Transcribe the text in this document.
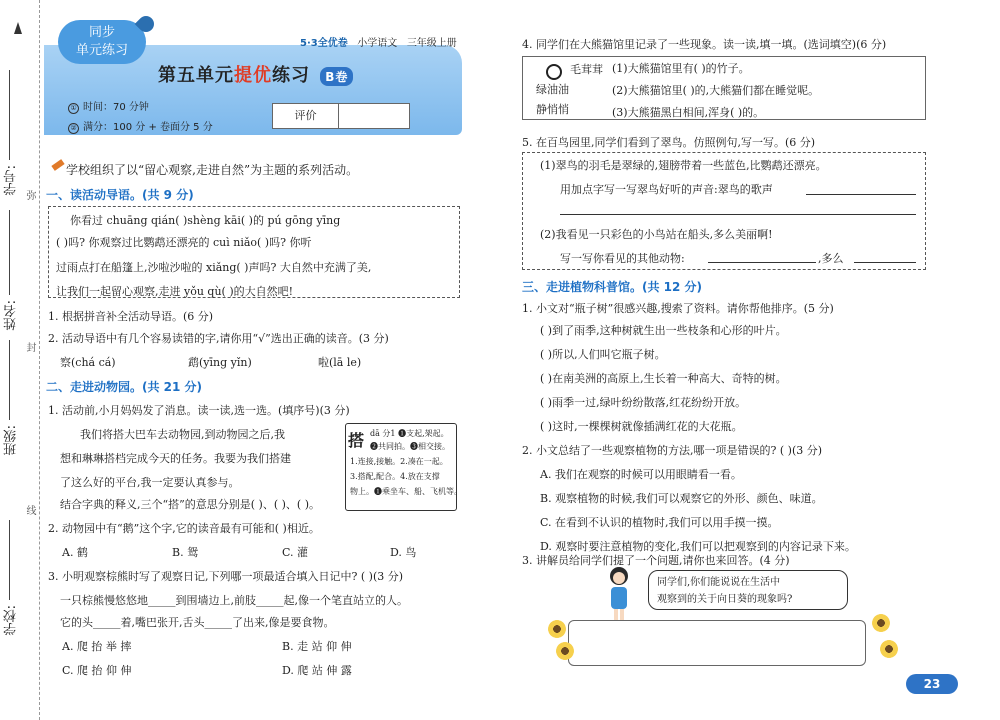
学校:
班级:
姓名:
学号: 弥
封
线
同步
单元练习	5·3全优卷 小学语文 三年级上册
第五单元提优练习 B卷
① 时间：70 分钟
② 满分：100 分 + 卷面分 5 分
评价
学校组织了以“留心观察,走进自然”为主题的系列活动。
一、读活动导语。(共 9 分)
你看过 chuāng qián( )shèng kāi( )的 pú gōng yīng
( )吗? 你观察过比鹦鹉还漂亮的 cuì niǎo( )吗? 你听
过雨点打在船篷上,沙啦沙啦的 xiǎng( )声吗? 大自然中充满了美,
让我们一起留心观察,走进 yǒu qù( )的大自然吧!
1. 根据拼音补全活动导语。(6 分)
2. 活动导语中有几个容易读错的字,请你用“√”选出正确的读音。(3 分)
察(chá cá)	鹉(yīng yǐn)	啦(lā le)
二、走进动物园。(共 21 分)
1. 活动前,小月妈妈发了消息。读一读,选一选。(填序号)(3 分)
我们将搭大巴车去动物园,到动物园之后,我
想和琳琳搭档完成今天的任务。我要为我们搭建
了这么好的平台,我一定要认真参与。
搭 dā 分1 ❶支起,架起。
❷共同拍。❸相交接。
1.连接,接触。2.凑在一起。
3.搭配,配合。4.放在支撑
物上。❶乘坐车、船、飞机等。
结合字典的释义,三个“搭”的意思分别是( )、( )、( )。
2. 动物园中有“鹅”这个字,它的读音最有可能和( )相近。
A. 鹤	B. 鸳	C. 灌	D. 鸟
3. 小明观察棕熊时写了观察日记,下列哪一项最适合填入日记中? ( )(3 分)
一只棕熊慢悠悠地_____到围墙边上,前肢_____起,像一个笔直站立的人。
它的头_____着,嘴巴张开,舌头_____了出来,像是要食物。
A. 爬 抬 举 摔	B. 走 站 仰 伸
C. 爬 抬 仰 伸	D. 爬 站 伸 露
4. 同学们在大熊猫馆里记录了一些现象。读一读,填一填。(选词填空)(6 分)
毛茸茸
绿油油
静悄悄
(1)大熊猫馆里有( )的竹子。
(2)大熊猫馆里( )的,大熊猫们都在睡觉呢。
(3)大熊猫黑白相间,浑身( )的。
5. 在百鸟园里,同学们看到了翠鸟。仿照例句,写一写。(6 分)
(1)翠鸟的羽毛是翠绿的,翅膀带着一些蓝色,比鹦鹉还漂亮。
用加点字写一写翠鸟好听的声音:翠鸟的歌声
(2)我看见一只彩色的小鸟站在船头,多么美丽啊!
写一写你看见的其他动物:	,多么
三、走进植物科普馆。(共 12 分)
1. 小文对“瓶子树”很感兴趣,搜索了资料。请你帮他排序。(5 分)
( )到了雨季,这种树就生出一些枝条和心形的叶片。
( )所以,人们叫它瓶子树。
( )在南美洲的高原上,生长着一种高大、奇特的树。
( )雨季一过,绿叶纷纷散落,红花纷纷开放。
( )这时,一棵棵树就像插满红花的大花瓶。
2. 小文总结了一些观察植物的方法,哪一项是错误的? ( )(3 分)
A. 我们在观察的时候可以用眼睛看一看。
B. 观察植物的时候,我们可以观察它的外形、颜色、味道。
C. 在看到不认识的植物时,我们可以用手摸一摸。
D. 观察时要注意植物的变化,我们可以把观察到的内容记录下来。
3. 讲解员给同学们提了一个问题,请你也来回答。(4 分)
同学们,你们能说说在生活中
观察到的关于向日葵的现象吗?
23
